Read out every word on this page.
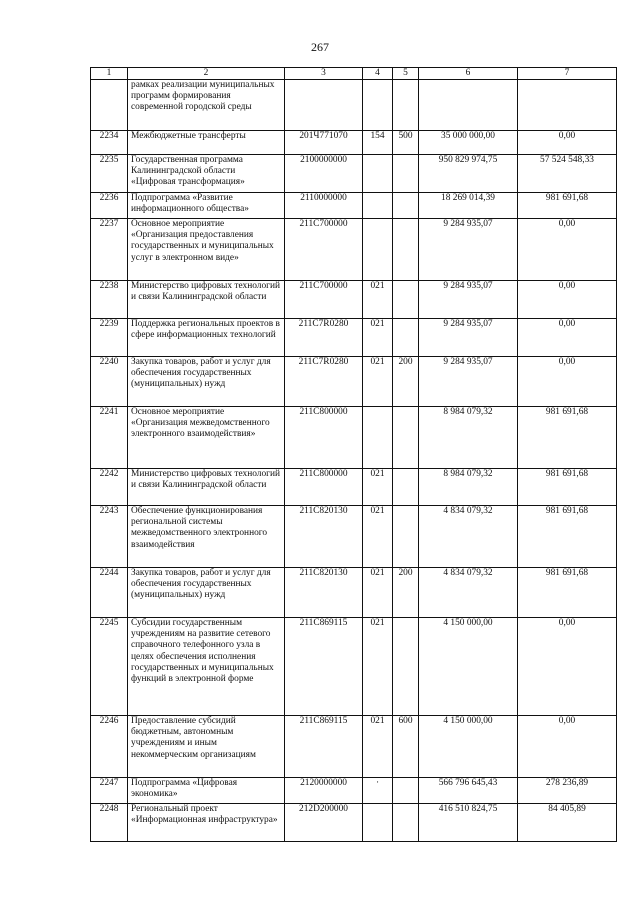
267
1	2	3	4	5	6	7
	рамках реализации муниципальных программ формирования современной городской среды					
2234	Межбюджетные трансферты	201Ч771070	154	500	35 000 000,00	0,00
2235	Государственная программа Калининградской области «Цифровая трансформация»	2100000000			950 829 974,75	57 524 548,33
2236	Подпрограмма «Развитие информационного общества»	2110000000			18 269 014,39	981 691,68
2237	Основное мероприятие «Организация предоставления государственных и муниципальных услуг в электронном виде»	211С700000			9 284 935,07	0,00
2238	Министерство цифровых технологий и связи Калининградской области	211С700000	021		9 284 935,07	0,00
2239	Поддержка региональных проектов в сфере информационных технологий	211С7R0280	021		9 284 935,07	0,00
2240	Закупка товаров, работ и услуг для обеспечения государственных (муниципальных) нужд	211С7R0280	021	200	9 284 935,07	0,00
2241	Основное мероприятие «Организация межведомственного электронного взаимодействия»	211С800000			8 984 079,32	981 691,68
2242	Министерство цифровых технологий и связи Калининградской области	211С800000	021		8 984 079,32	981 691,68
2243	Обеспечение функционирования региональной системы межведомственного электронного взаимодействия	211С820130	021		4 834 079,32	981 691,68
2244	Закупка товаров, работ и услуг для обеспечения государственных (муниципальных) нужд	211С820130	021	200	4 834 079,32	981 691,68
2245	Субсидии государственным учреждениям на развитие сетевого справочного телефонного узла в целях обеспечения исполнения государственных и муниципальных функций в электронной форме	211С869115	021		4 150 000,00	0,00
2246	Предоставление субсидий бюджетным, автономным учреждениям и иным некоммерческим организациям	211С869115	021	600	4 150 000,00	0,00
2247	Подпрограмма «Цифровая экономика»	2120000000	·		566 796 645,43	278 236,89
2248	Региональный проект «Информационная инфраструктура»	212D200000			416 510 824,75	84 405,89
